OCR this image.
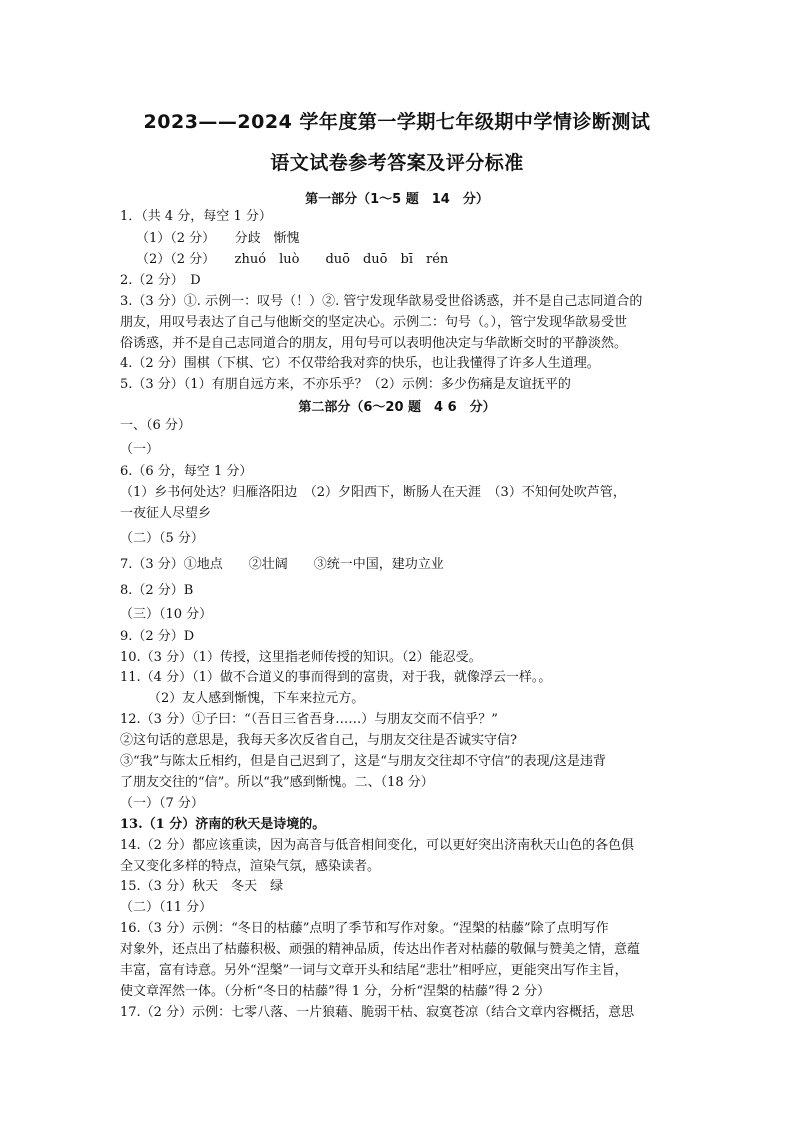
2023——2024 学年度第一学期七年级期中学情诊断测试
语文试卷参考答案及评分标准
第一部分（1～5 题　14　分）
1．（共 4 分，每空 1 分）
（1）（2 分）　　分歧　惭愧
（2）（2 分）　　zhuó　luò　　duō　duō　bī　rén
2.（2 分）　D
3.（3 分）①. 示例一：叹号（！）②. 管宁发现华歆易受世俗诱惑，并不是自己志同道合的
朋友，用叹号表达了自己与他断交的坚定决心。示例二：句号（。），管宁发现华歆易受世
俗诱惑，并不是自己志同道合的朋友，用句号可以表明他决定与华歆断交时的平静淡然。
4.（2 分）围棋（下棋、它）不仅带给我对弈的快乐，也让我懂得了许多人生道理。
5.（3 分）（1）有朋自远方来，不亦乐乎？（2）示例：多少伤痛是友谊抚平的
第二部分（6～20 题　4 6　分）
一、（6 分）
（一）
6.（6 分，每空 1 分）
（1）乡书何处达？归雁洛阳边　（2）夕阳西下，断肠人在天涯　（3）不知何处吹芦管，
一夜征人尽望乡
（二）（5 分）
7.（3 分）①地点　　②壮阔　　③统一中国，建功立业
8.（2 分）B
（三）（10 分）
9.（2 分）D
10.（3 分）（1）传授，这里指老师传授的知识。（2）能忍受。
11.（4 分）（1）做不合道义的事而得到的富贵，对于我，就像浮云一样。。
（2）友人感到惭愧，下车来拉元方。
12.（3 分）①子曰：“（吾日三省吾身……）与朋友交而不信乎？”
②这句话的意思是，我每天多次反省自己，与朋友交往是否诚实守信?
③“我”与陈太丘相约，但是自己迟到了，这是“与朋友交往却不守信”的表现/这是违背
了朋友交往的“信”。所以“我”感到惭愧。二、（18 分）
（一）（7 分）
13.（1 分）济南的秋天是诗境的。
14.（2 分）都应该重读，因为高音与低音相间变化，可以更好突出济南秋天山色的各色俱
全又变化多样的特点，渲染气氛，感染读者。
15.（3 分）秋天　冬天　绿
（二）（11 分）
16.（3 分）示例：“冬日的枯藤”点明了季节和写作对象。“涅槃的枯藤”除了点明写作
对象外，还点出了枯藤积极、顽强的精神品质，传达出作者对枯藤的敬佩与赞美之情，意蕴
丰富，富有诗意。另外“涅槃”一词与文章开头和结尾“悲壮”相呼应，更能突出写作主旨，
使文章浑然一体。（分析“冬日的枯藤”得 1 分，分析“涅槃的枯藤”得 2 分）
17.（2 分）示例：七零八落、一片狼藉、脆弱干枯、寂寞苍凉（结合文章内容概括，意思
